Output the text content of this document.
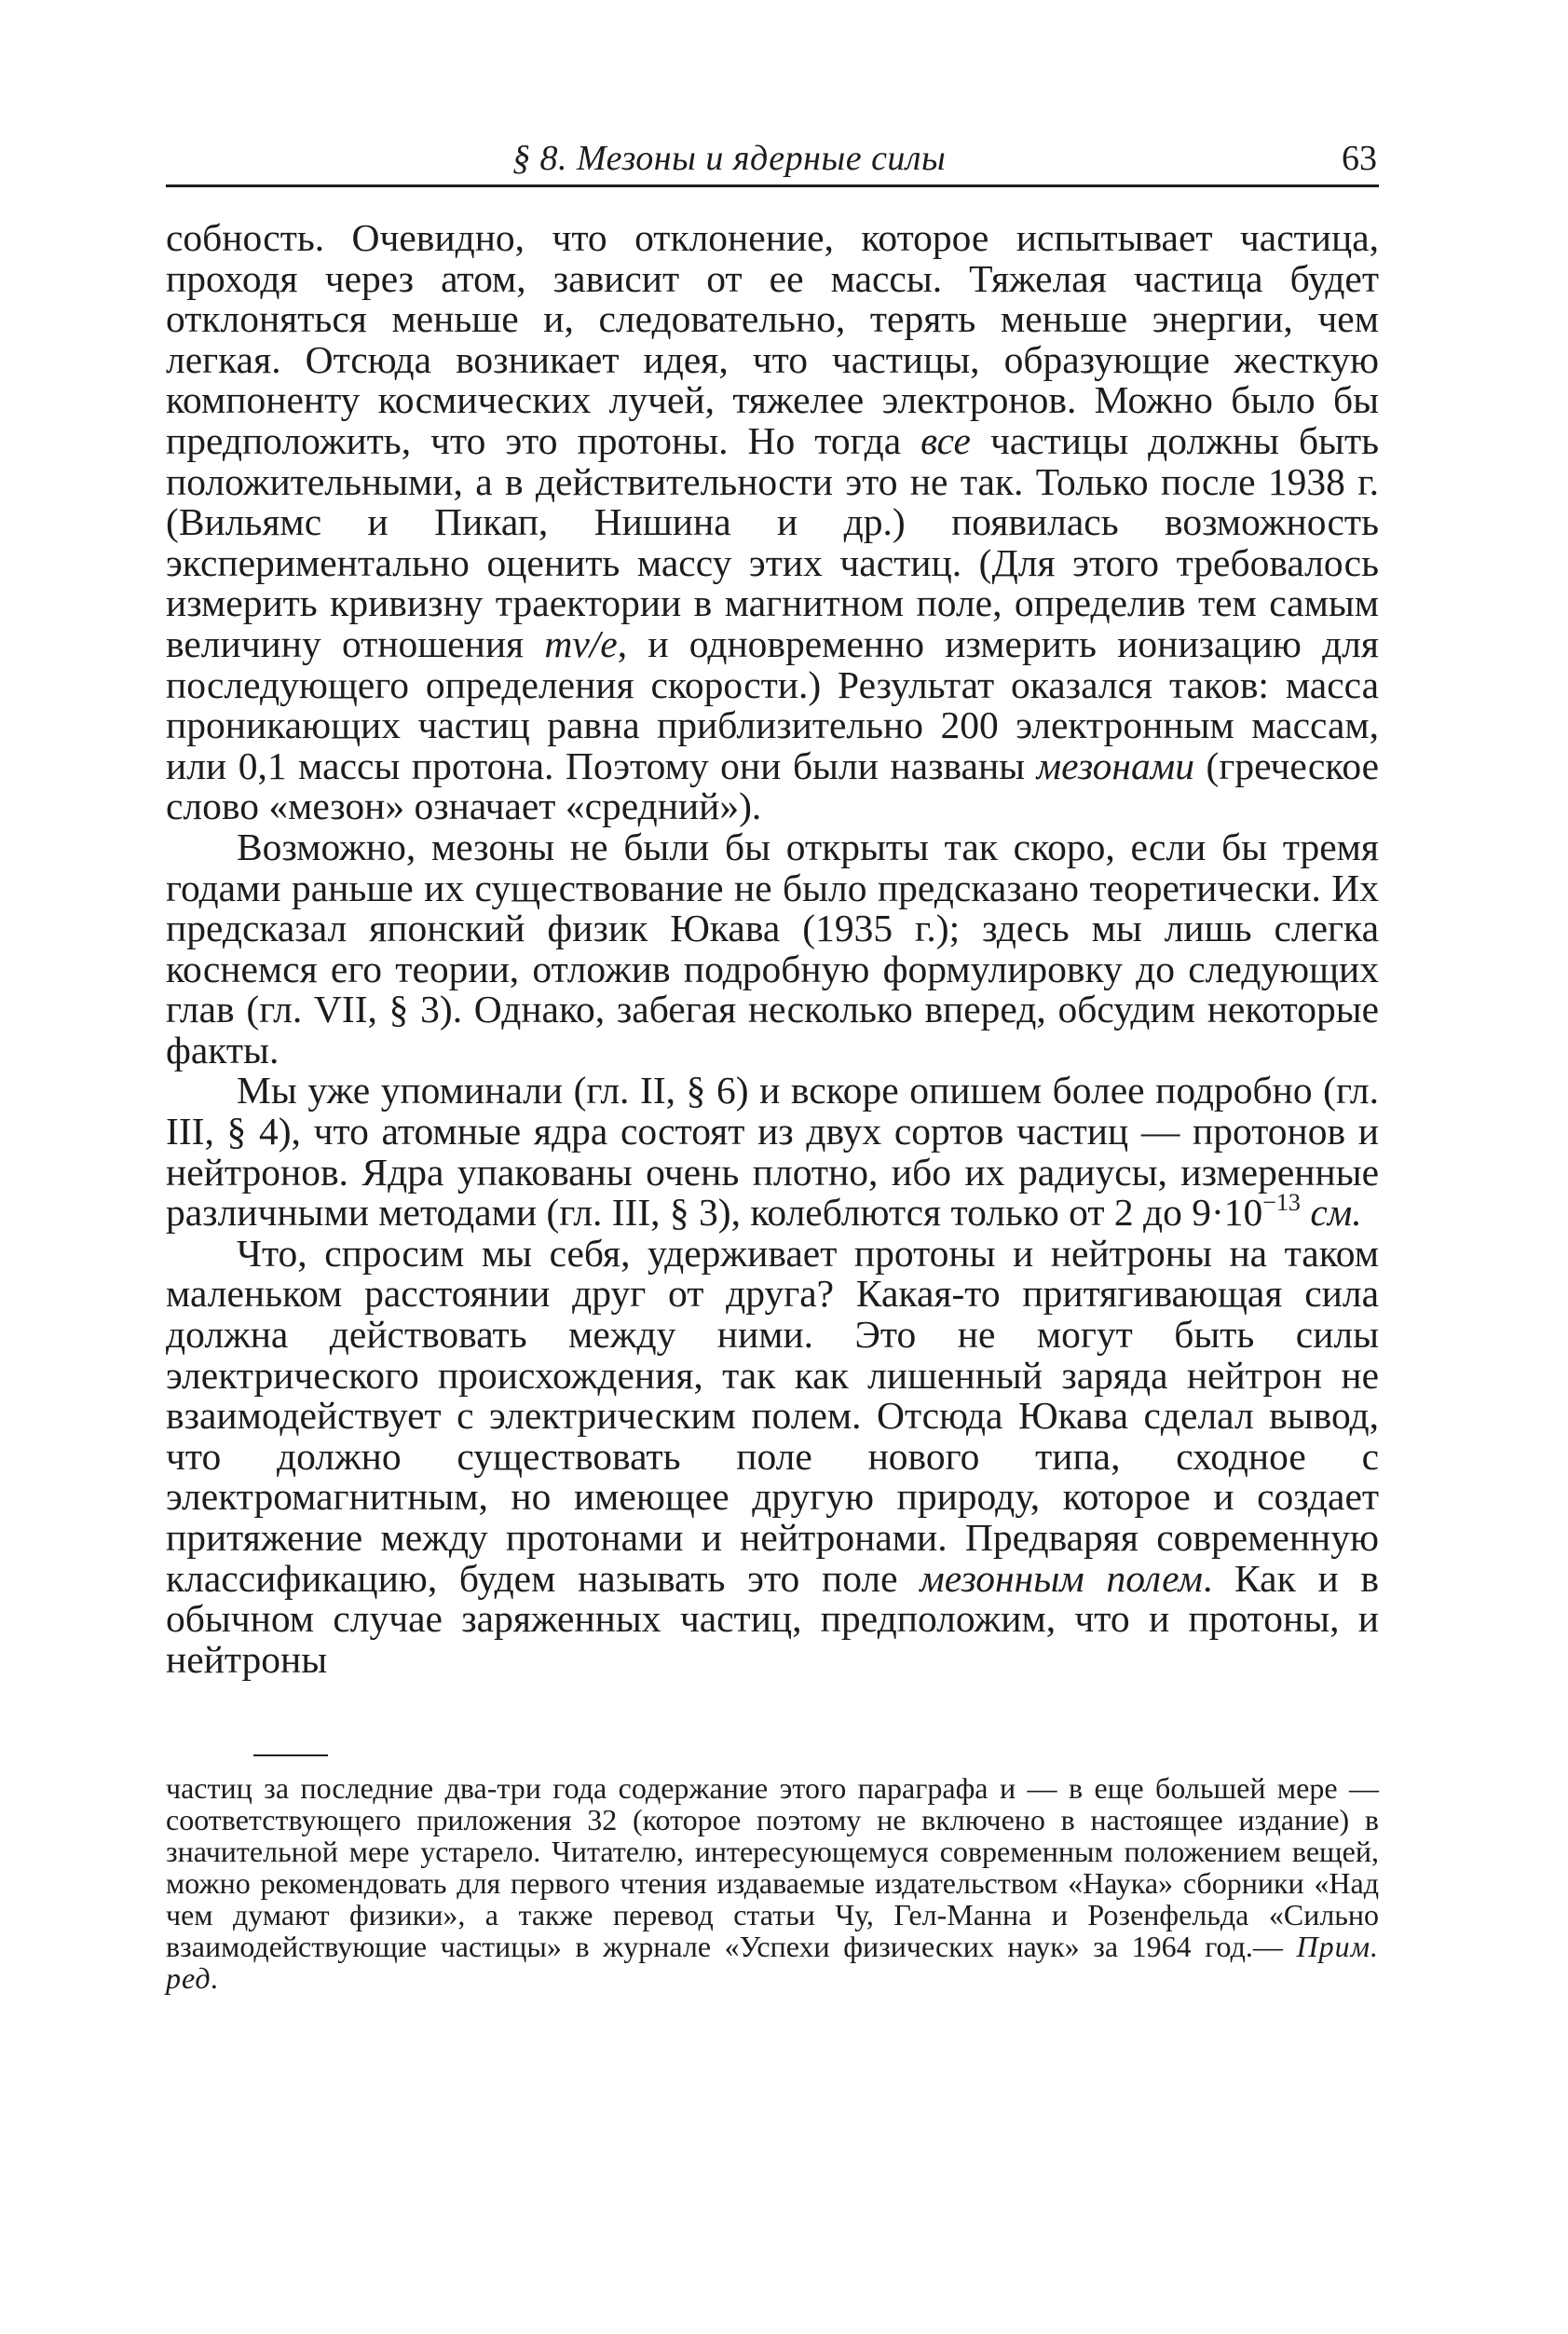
§ 8. Мезоны и ядерные силы	63

собность. Очевидно, что отклонение, которое испытывает частица, проходя через атом, зависит от ее массы. Тяжелая частица будет отклоняться меньше и, следовательно, терять меньше энергии, чем легкая. Отсюда возникает идея, что частицы, образующие жесткую компоненту космических лучей, тяжелее электронов. Можно было бы предположить, что это протоны. Но тогда все частицы должны быть положительными, а в действительности это не так. Только после 1938 г. (Вильямс и Пикап, Нишина и др.) появилась возможность экспериментально оценить массу этих частиц. (Для этого требовалось измерить кривизну траектории в магнитном поле, определив тем самым величину отношения mv/e, и одновременно измерить ионизацию для последующего определения скорости.) Результат оказался таков: масса проникающих частиц равна приблизительно 200 электронным массам, или 0,1 массы протона. Поэтому они были названы мезонами (греческое слово «мезон» означает «средний»).

Возможно, мезоны не были бы открыты так скоро, если бы тремя годами раньше их существование не было предсказано теоретически. Их предсказал японский физик Юкава (1935 г.); здесь мы лишь слегка коснемся его теории, отложив подробную формулировку до следующих глав (гл. VII, § 3). Однако, забегая несколько вперед, обсудим некоторые факты.

Мы уже упоминали (гл. II, § 6) и вскоре опишем более подробно (гл. III, § 4), что атомные ядра состоят из двух сортов частиц — протонов и нейтронов. Ядра упакованы очень плотно, ибо их радиусы, измеренные различными методами (гл. III, § 3), колеблются только от 2 до $9\cdot 10^{-13}$ см.

Что, спросим мы себя, удерживает протоны и нейтроны на таком маленьком расстоянии друг от друга? Какая-то притягивающая сила должна действовать между ними. Это не могут быть силы электрического происхождения, так как лишенный заряда нейтрон не взаимодействует с электрическим полем. Отсюда Юкава сделал вывод, что должно существовать поле нового типа, сходное с электромагнитным, но имеющее другую природу, которое и создает притяжение между протонами и нейтронами. Предваряя современную классификацию, будем называть это поле мезонным полем. Как и в обычном случае заряженных частиц, предположим, что и протоны, и нейтроны

частиц за последние два-три года содержание этого параграфа и — в еще большей мере — соответствующего приложения 32 (которое поэтому не включено в настоящее издание) в значительной мере устарело. Читателю, интересующемуся современным положением вещей, можно рекомендовать для первого чтения издаваемые издательством «Наука» сборники «Над чем думают физики», а также перевод статьи Чу, Гел-Манна и Розенфельда «Сильно взаимодействующие частицы» в журнале «Успехи физических наук» за 1964 год.— Прим. ред.
